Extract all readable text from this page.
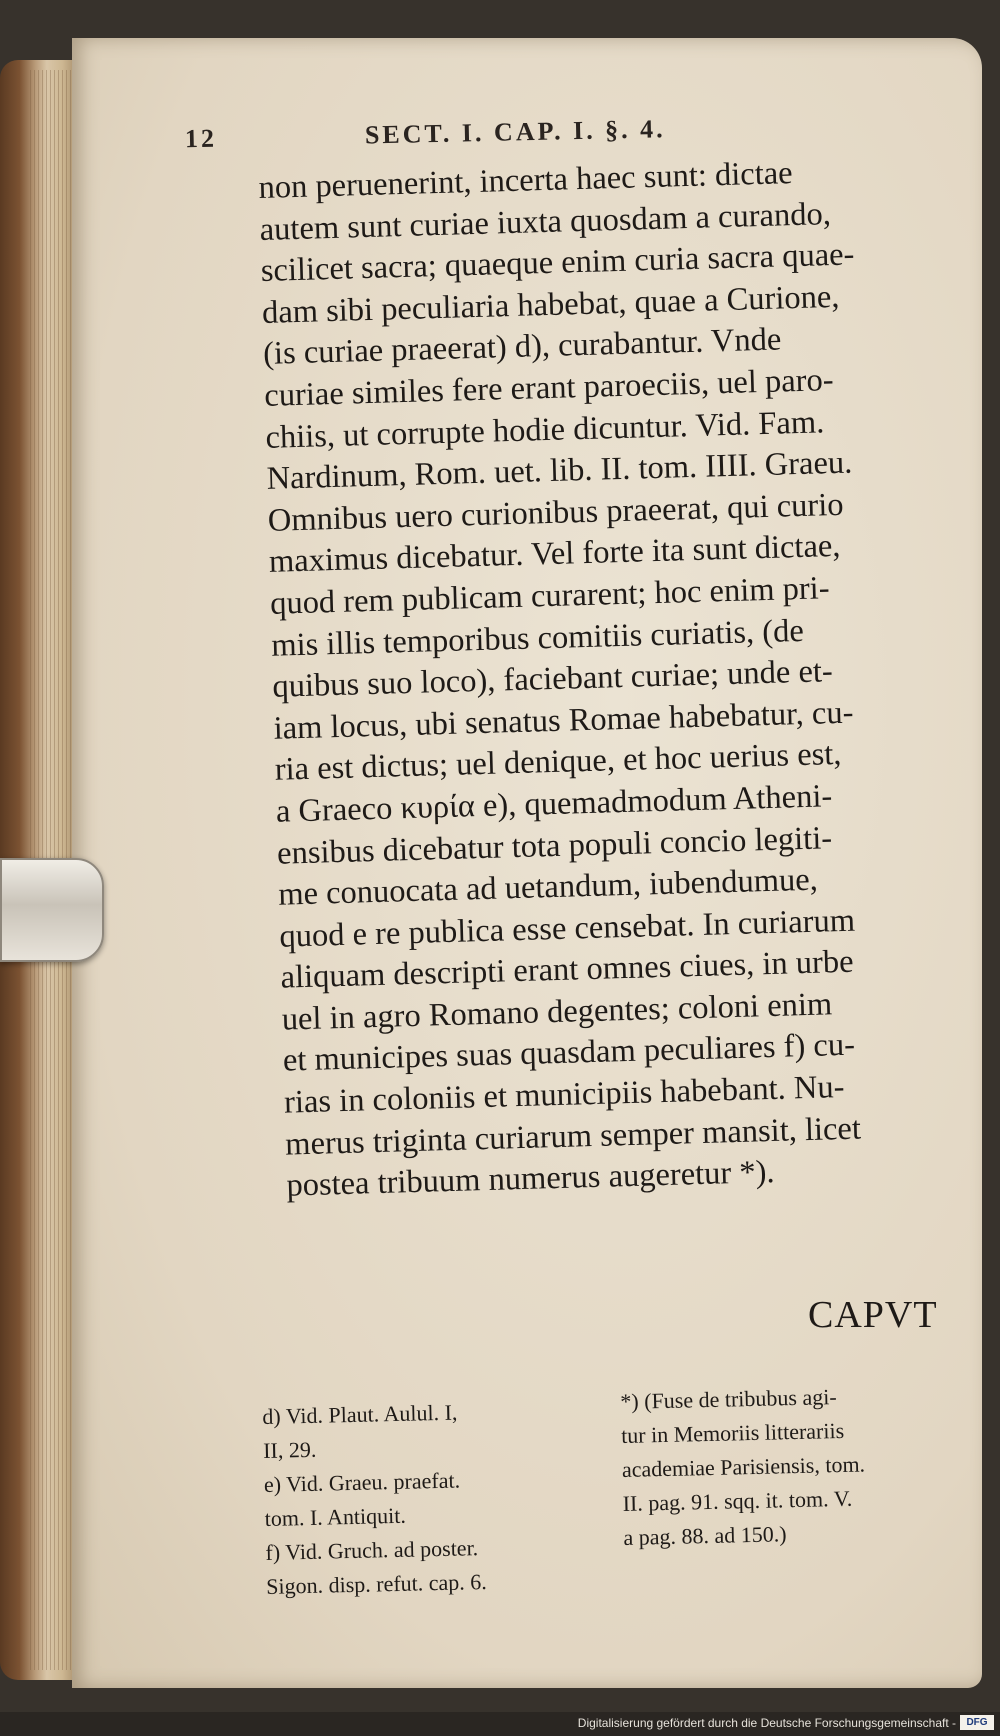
12	SECT. I. CAP. I. §. 4.
non peruenerint, incerta haec sunt: dictae
autem sunt curiae iuxta quosdam a curando,
scilicet sacra; quaeque enim curia sacra quae-
dam sibi peculiaria habebat, quae a Curione,
(is curiae praeerat) d), curabantur. Vnde
curiae similes fere erant paroeciis, uel paro-
chiis, ut corrupte hodie dicuntur. Vid. Fam.
Nardinum, Rom. uet. lib. II. tom. IIII. Graeu.
Omnibus uero curionibus praeerat, qui curio
maximus dicebatur. Vel forte ita sunt dictae,
quod rem publicam curarent; hoc enim pri-
mis illis temporibus comitiis curiatis, (de
quibus suo loco), faciebant curiae; unde et-
iam locus, ubi senatus Romae habebatur, cu-
ria est dictus; uel denique, et hoc uerius est,
a Graeco κυρία e), quemadmodum Atheni-
ensibus dicebatur tota populi concio legiti-
me conuocata ad uetandum, iubendumue,
quod e re publica esse censebat. In curiarum
aliquam descripti erant omnes ciues, in urbe
uel in agro Romano degentes; coloni enim
et municipes suas quasdam peculiares f) cu-
rias in coloniis et municipiis habebant. Nu-
merus triginta curiarum semper mansit, licet
postea tribuum numerus augeretur *).
CAPVT
d) Vid. Plaut. Aulul. I,
II, 29.
e) Vid. Graeu. praefat.
tom. I. Antiquit.
f) Vid. Gruch. ad poster.
Sigon. disp. refut. cap. 6.
*) (Fuse de tribubus agi-
tur in Memoriis litterariis
academiae Parisiensis, tom.
II. pag. 91. sqq. it. tom. V.
a pag. 88. ad 150.)
Digitalisierung gefördert durch die Deutsche Forschungsgemeinschaft -	DFG
